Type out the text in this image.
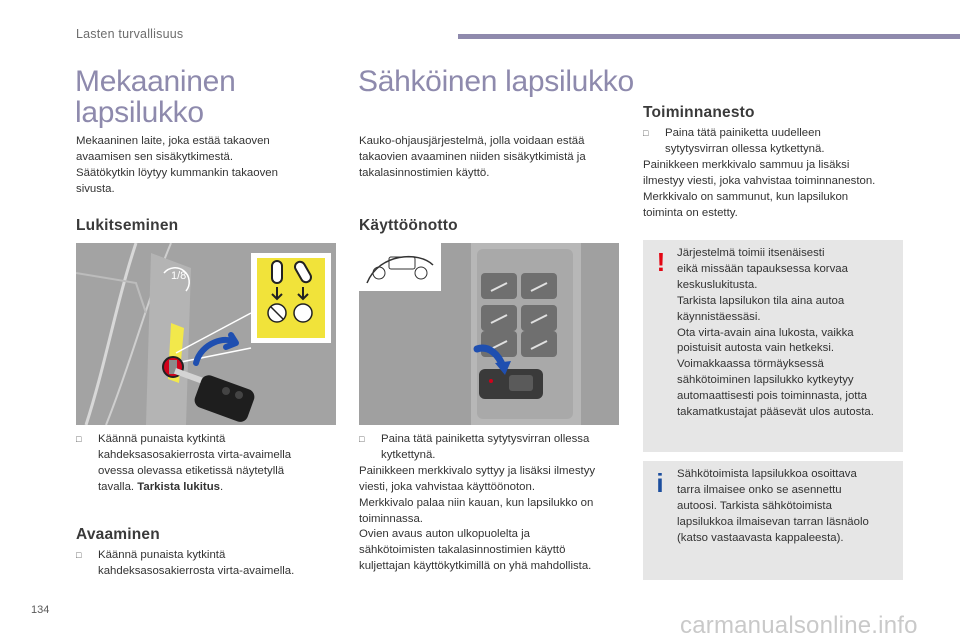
Lasten turvallisuus
Mekaaninen
lapsilukko
Mekaaninen laite, joka estää takaoven
avaamisen sen sisäkytkimestä.
Säätökytkin löytyy kummankin takaoven
sivusta.
Lukitseminen
1/8
□	Käännä punaista kytkintä
kahdeksasosakierrosta virta-avaimella
ovessa olevassa etiketissä näytetyllä
tavalla. Tarkista lukitus.
Avaaminen
□	Käännä punaista kytkintä
kahdeksasosakierrosta virta-avaimella.
Sähköinen lapsilukko
Kauko-ohjausjärjestelmä, jolla voidaan estää
takaovien avaaminen niiden sisäkytkimistä ja
takalasinnostimien käyttö.
Käyttöönotto
□	Paina tätä painiketta sytytysvirran ollessa
kytkettynä.
Painikkeen merkkivalo syttyy ja lisäksi ilmestyy
viesti, joka vahvistaa käyttöönoton.
Merkkivalo palaa niin kauan, kun lapsilukko on
toiminnassa.
Ovien avaus auton ulkopuolelta ja
sähkötoimisten takalasinnostimien käyttö
kuljettajan käyttökytkimillä on yhä mahdollista.
Toiminnanesto
□	Paina tätä painiketta uudelleen
sytytysvirran ollessa kytkettynä.
Painikkeen merkkivalo sammuu ja lisäksi
ilmestyy viesti, joka vahvistaa toiminnaneston.
Merkkivalo on sammunut, kun lapsilukon
toiminta on estetty.
!	Järjestelmä toimii itsenäisesti
eikä missään tapauksessa korvaa
keskuslukitusta.
Tarkista lapsilukon tila aina autoa
käynnistäessäsi.
Ota virta-avain aina lukosta, vaikka
poistuisit autosta vain hetkeksi.
Voimakkaassa törmäyksessä
sähkötoiminen lapsilukko kytkeytyy
automaattisesti pois toiminnasta, jotta
takamatkustajat pääsevät ulos autosta.
i	Sähkötoimista lapsilukkoa osoittava
tarra ilmaisee onko se asennettu
autoosi. Tarkista sähkötoimista
lapsilukkoa ilmaisevan tarran läsnäolo
(katso vastaavasta kappaleesta).
134
carmanualsonline.info
